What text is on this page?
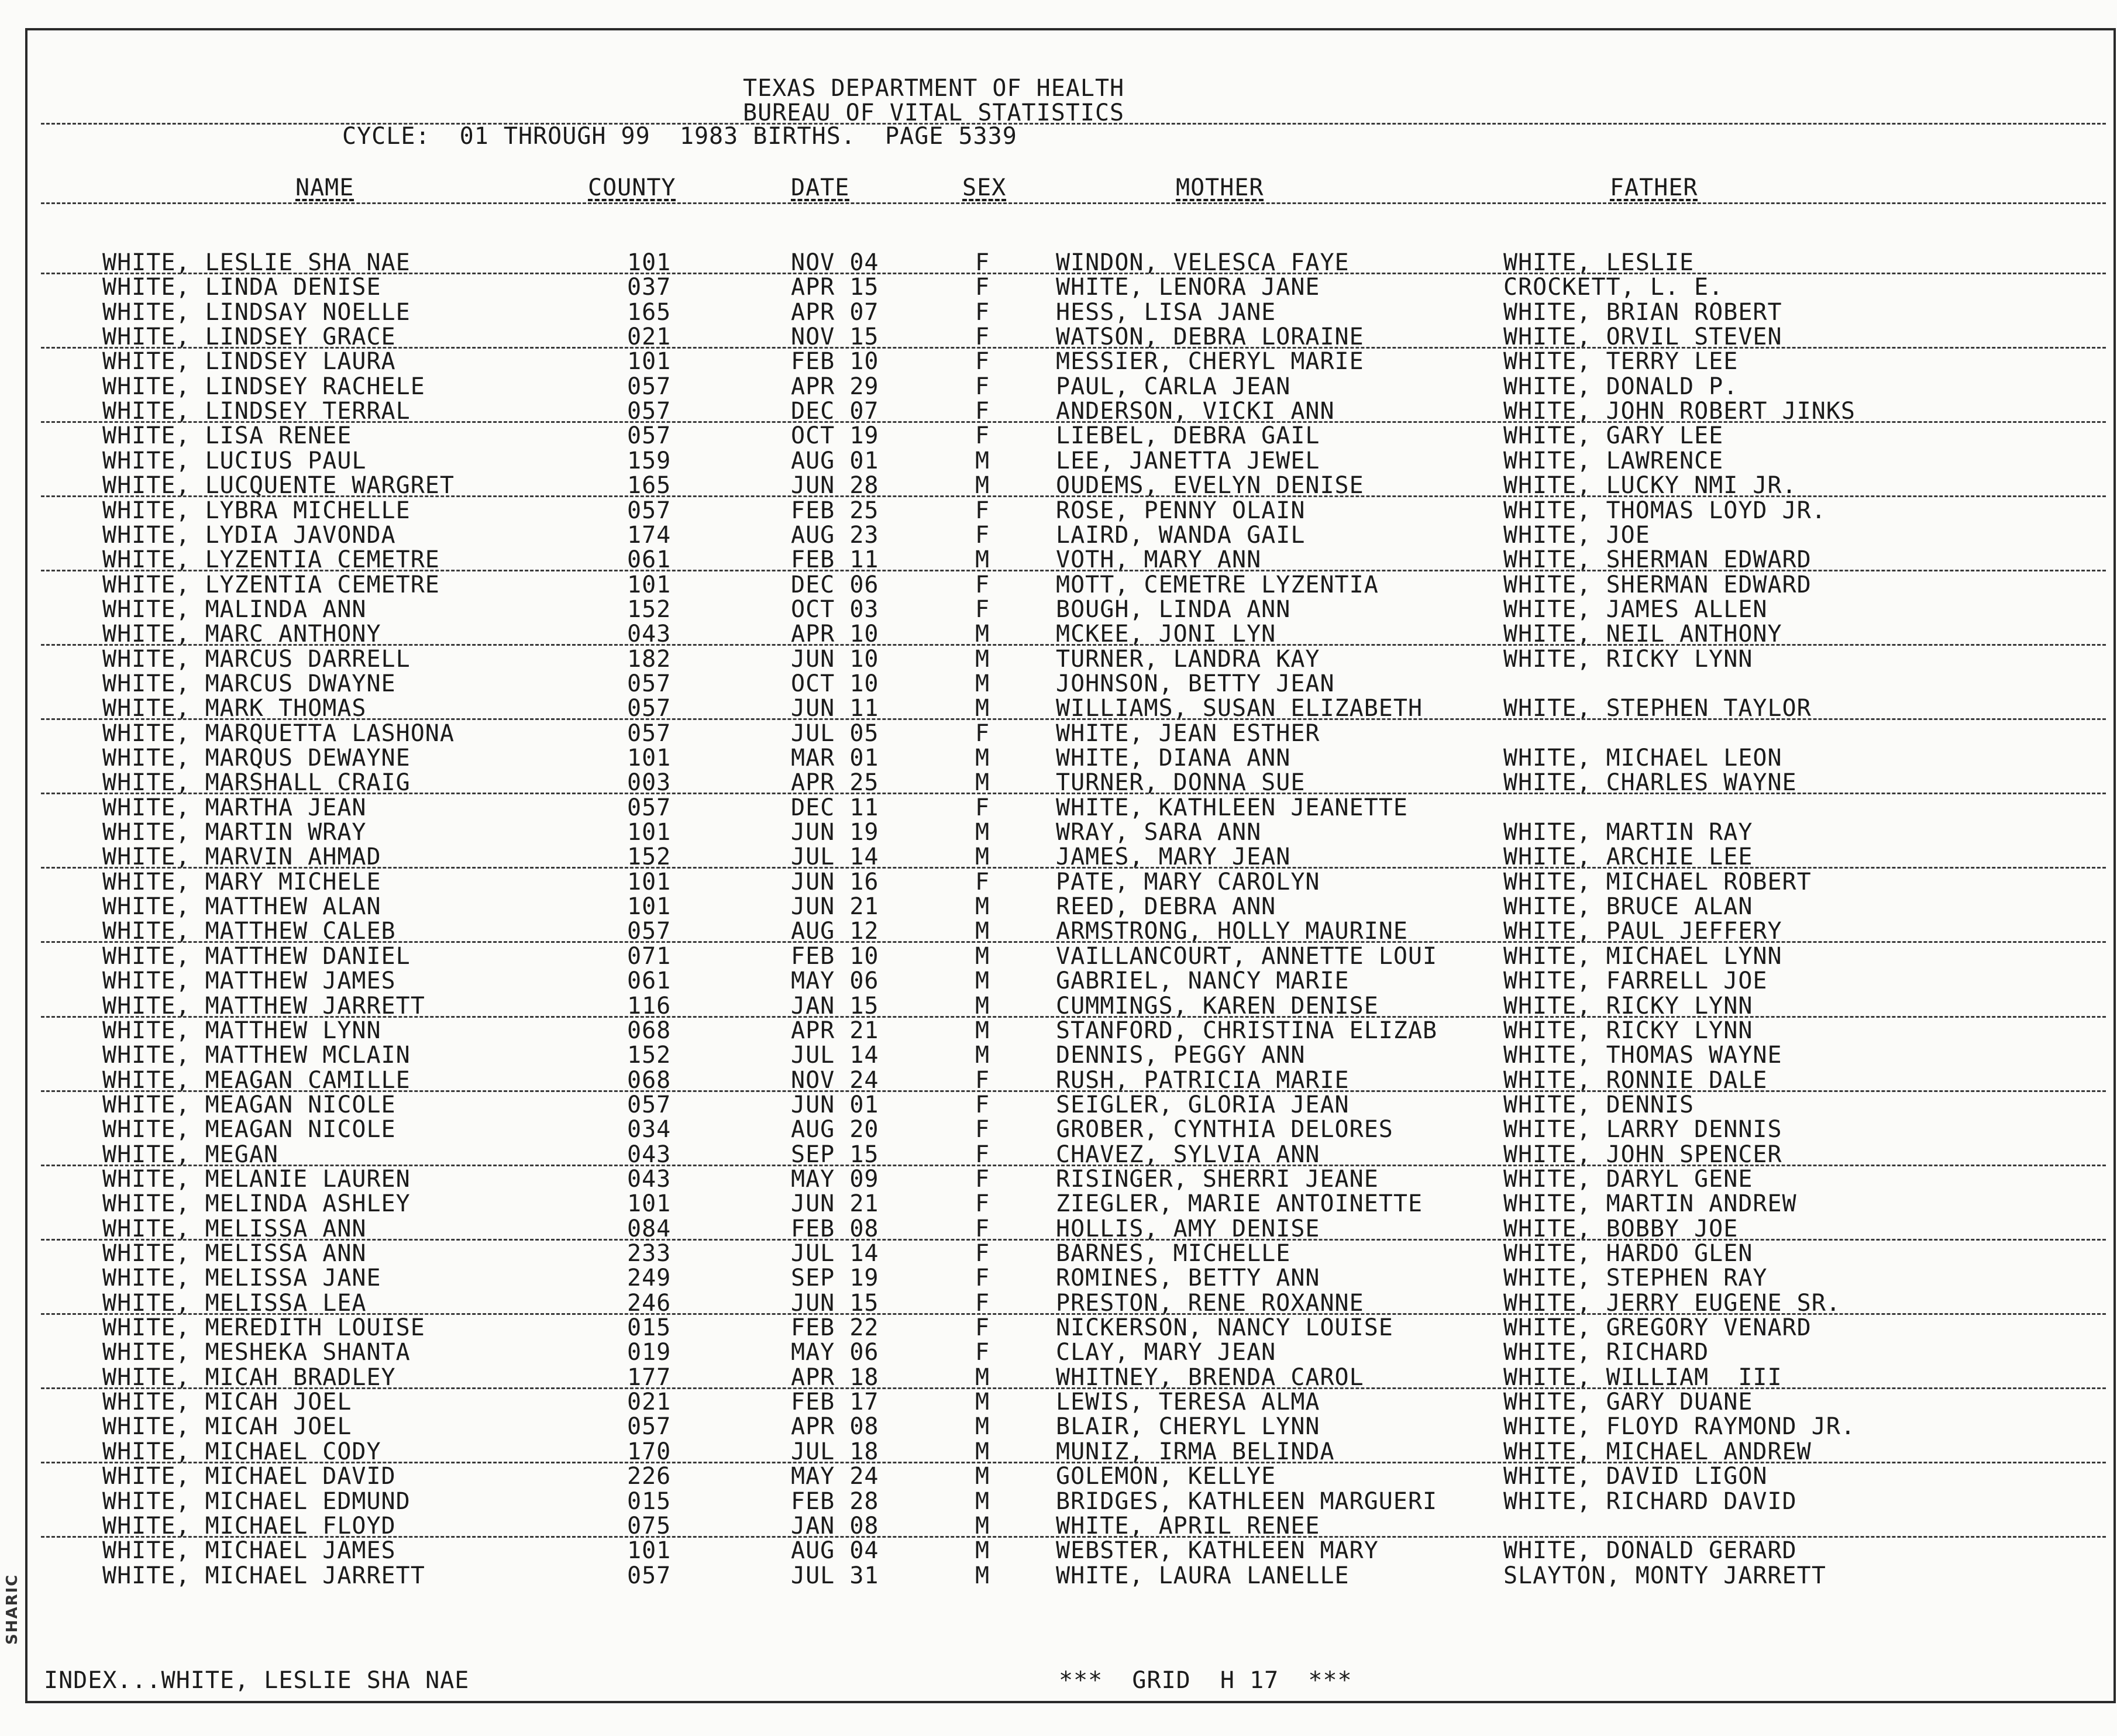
SHARIC
TEXAS DEPARTMENT OF HEALTH
BUREAU OF VITAL STATISTICS
CYCLE:  01 THROUGH 99  1983 BIRTHS.  PAGE 5339
NAME	COUNTY	DATE	SEX	MOTHER	FATHER
WHITE, LESLIE SHA NAE	101	NOV 04	F	WINDON, VELESCA FAYE	WHITE, LESLIE
WHITE, LINDA DENISE	037	APR 15	F	WHITE, LENORA JANE	CROCKETT, L. E.
WHITE, LINDSAY NOELLE	165	APR 07	F	HESS, LISA JANE	WHITE, BRIAN ROBERT
WHITE, LINDSEY GRACE	021	NOV 15	F	WATSON, DEBRA LORAINE	WHITE, ORVIL STEVEN
WHITE, LINDSEY LAURA	101	FEB 10	F	MESSIER, CHERYL MARIE	WHITE, TERRY LEE
WHITE, LINDSEY RACHELE	057	APR 29	F	PAUL, CARLA JEAN	WHITE, DONALD P.
WHITE, LINDSEY TERRAL	057	DEC 07	F	ANDERSON, VICKI ANN	WHITE, JOHN ROBERT JINKS
WHITE, LISA RENEE	057	OCT 19	F	LIEBEL, DEBRA GAIL	WHITE, GARY LEE
WHITE, LUCIUS PAUL	159	AUG 01	M	LEE, JANETTA JEWEL	WHITE, LAWRENCE
WHITE, LUCQUENTE WARGRET	165	JUN 28	M	OUDEMS, EVELYN DENISE	WHITE, LUCKY NMI JR.
WHITE, LYBRA MICHELLE	057	FEB 25	F	ROSE, PENNY OLAIN	WHITE, THOMAS LOYD JR.
WHITE, LYDIA JAVONDA	174	AUG 23	F	LAIRD, WANDA GAIL	WHITE, JOE
WHITE, LYZENTIA CEMETRE	061	FEB 11	M	VOTH, MARY ANN	WHITE, SHERMAN EDWARD
WHITE, LYZENTIA CEMETRE	101	DEC 06	F	MOTT, CEMETRE LYZENTIA	WHITE, SHERMAN EDWARD
WHITE, MALINDA ANN	152	OCT 03	F	BOUGH, LINDA ANN	WHITE, JAMES ALLEN
WHITE, MARC ANTHONY	043	APR 10	M	MCKEE, JONI LYN	WHITE, NEIL ANTHONY
WHITE, MARCUS DARRELL	182	JUN 10	M	TURNER, LANDRA KAY	WHITE, RICKY LYNN
WHITE, MARCUS DWAYNE	057	OCT 10	M	JOHNSON, BETTY JEAN
WHITE, MARK THOMAS	057	JUN 11	M	WILLIAMS, SUSAN ELIZABETH	WHITE, STEPHEN TAYLOR
WHITE, MARQUETTA LASHONA	057	JUL 05	F	WHITE, JEAN ESTHER
WHITE, MARQUS DEWAYNE	101	MAR 01	M	WHITE, DIANA ANN	WHITE, MICHAEL LEON
WHITE, MARSHALL CRAIG	003	APR 25	M	TURNER, DONNA SUE	WHITE, CHARLES WAYNE
WHITE, MARTHA JEAN	057	DEC 11	F	WHITE, KATHLEEN JEANETTE
WHITE, MARTIN WRAY	101	JUN 19	M	WRAY, SARA ANN	WHITE, MARTIN RAY
WHITE, MARVIN AHMAD	152	JUL 14	M	JAMES, MARY JEAN	WHITE, ARCHIE LEE
WHITE, MARY MICHELE	101	JUN 16	F	PATE, MARY CAROLYN	WHITE, MICHAEL ROBERT
WHITE, MATTHEW ALAN	101	JUN 21	M	REED, DEBRA ANN	WHITE, BRUCE ALAN
WHITE, MATTHEW CALEB	057	AUG 12	M	ARMSTRONG, HOLLY MAURINE	WHITE, PAUL JEFFERY
WHITE, MATTHEW DANIEL	071	FEB 10	M	VAILLANCOURT, ANNETTE LOUI	WHITE, MICHAEL LYNN
WHITE, MATTHEW JAMES	061	MAY 06	M	GABRIEL, NANCY MARIE	WHITE, FARRELL JOE
WHITE, MATTHEW JARRETT	116	JAN 15	M	CUMMINGS, KAREN DENISE	WHITE, RICKY LYNN
WHITE, MATTHEW LYNN	068	APR 21	M	STANFORD, CHRISTINA ELIZAB	WHITE, RICKY LYNN
WHITE, MATTHEW MCLAIN	152	JUL 14	M	DENNIS, PEGGY ANN	WHITE, THOMAS WAYNE
WHITE, MEAGAN CAMILLE	068	NOV 24	F	RUSH, PATRICIA MARIE	WHITE, RONNIE DALE
WHITE, MEAGAN NICOLE	057	JUN 01	F	SEIGLER, GLORIA JEAN	WHITE, DENNIS
WHITE, MEAGAN NICOLE	034	AUG 20	F	GROBER, CYNTHIA DELORES	WHITE, LARRY DENNIS
WHITE, MEGAN	043	SEP 15	F	CHAVEZ, SYLVIA ANN	WHITE, JOHN SPENCER
WHITE, MELANIE LAUREN	043	MAY 09	F	RISINGER, SHERRI JEANE	WHITE, DARYL GENE
WHITE, MELINDA ASHLEY	101	JUN 21	F	ZIEGLER, MARIE ANTOINETTE	WHITE, MARTIN ANDREW
WHITE, MELISSA ANN	084	FEB 08	F	HOLLIS, AMY DENISE	WHITE, BOBBY JOE
WHITE, MELISSA ANN	233	JUL 14	F	BARNES, MICHELLE	WHITE, HARDO GLEN
WHITE, MELISSA JANE	249	SEP 19	F	ROMINES, BETTY ANN	WHITE, STEPHEN RAY
WHITE, MELISSA LEA	246	JUN 15	F	PRESTON, RENE ROXANNE	WHITE, JERRY EUGENE SR.
WHITE, MEREDITH LOUISE	015	FEB 22	F	NICKERSON, NANCY LOUISE	WHITE, GREGORY VENARD
WHITE, MESHEKA SHANTA	019	MAY 06	F	CLAY, MARY JEAN	WHITE, RICHARD
WHITE, MICAH BRADLEY	177	APR 18	M	WHITNEY, BRENDA CAROL	WHITE, WILLIAM  III
WHITE, MICAH JOEL	021	FEB 17	M	LEWIS, TERESA ALMA	WHITE, GARY DUANE
WHITE, MICAH JOEL	057	APR 08	M	BLAIR, CHERYL LYNN	WHITE, FLOYD RAYMOND JR.
WHITE, MICHAEL CODY	170	JUL 18	M	MUNIZ, IRMA BELINDA	WHITE, MICHAEL ANDREW
WHITE, MICHAEL DAVID	226	MAY 24	M	GOLEMON, KELLYE	WHITE, DAVID LIGON
WHITE, MICHAEL EDMUND	015	FEB 28	M	BRIDGES, KATHLEEN MARGUERI	WHITE, RICHARD DAVID
WHITE, MICHAEL FLOYD	075	JAN 08	M	WHITE, APRIL RENEE
WHITE, MICHAEL JAMES	101	AUG 04	M	WEBSTER, KATHLEEN MARY	WHITE, DONALD GERARD
WHITE, MICHAEL JARRETT	057	JUL 31	M	WHITE, LAURA LANELLE	SLAYTON, MONTY JARRETT
INDEX...WHITE, LESLIE SHA NAE	***  GRID  H 17  ***
